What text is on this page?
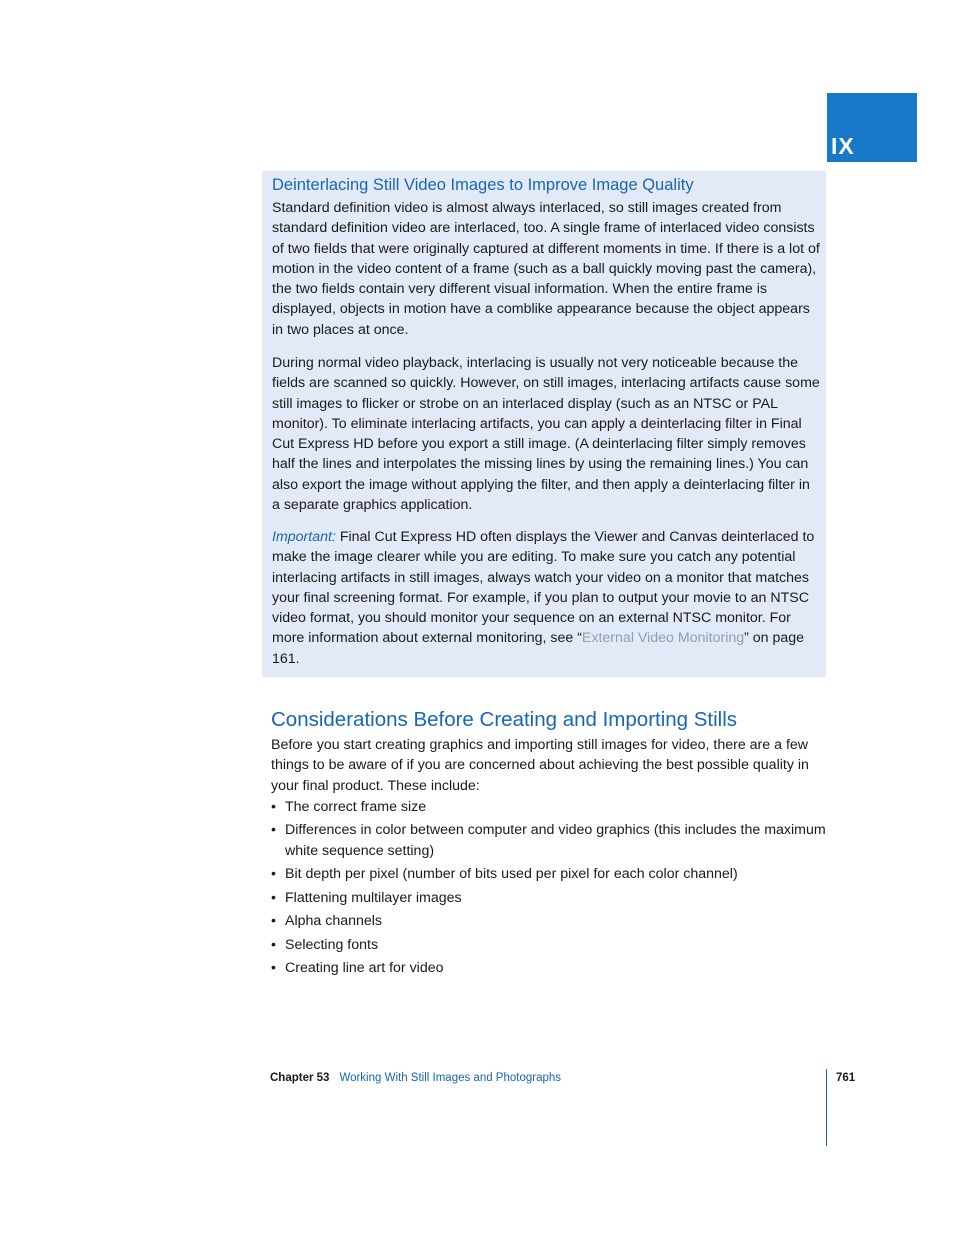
IX
Deinterlacing Still Video Images to Improve Image Quality

Standard definition video is almost always interlaced, so still images created from standard definition video are interlaced, too. A single frame of interlaced video consists of two fields that were originally captured at different moments in time. If there is a lot of motion in the video content of a frame (such as a ball quickly moving past the camera), the two fields contain very different visual information. When the entire frame is displayed, objects in motion have a comblike appearance because the object appears in two places at once.

During normal video playback, interlacing is usually not very noticeable because the fields are scanned so quickly. However, on still images, interlacing artifacts cause some still images to flicker or strobe on an interlaced display (such as an NTSC or PAL monitor). To eliminate interlacing artifacts, you can apply a deinterlacing filter in Final Cut Express HD before you export a still image. (A deinterlacing filter simply removes half the lines and interpolates the missing lines by using the remaining lines.) You can also export the image without applying the filter, and then apply a deinterlacing filter in a separate graphics application.

Important: Final Cut Express HD often displays the Viewer and Canvas deinterlaced to make the image clearer while you are editing. To make sure you catch any potential interlacing artifacts in still images, always watch your video on a monitor that matches your final screening format. For example, if you plan to output your movie to an NTSC video format, you should monitor your sequence on an external NTSC monitor. For more information about external monitoring, see “External Video Monitoring” on page 161.

Considerations Before Creating and Importing Stills

Before you start creating graphics and importing still images for video, there are a few things to be aware of if you are concerned about achieving the best possible quality in your final product. These include:

• The correct frame size
• Differences in color between computer and video graphics (this includes the maximum white sequence setting)
• Bit depth per pixel (number of bits used per pixel for each color channel)
• Flattening multilayer images
• Alpha channels
• Selecting fonts
• Creating line art for video
Chapter 53 Working With Still Images and Photographs	761
